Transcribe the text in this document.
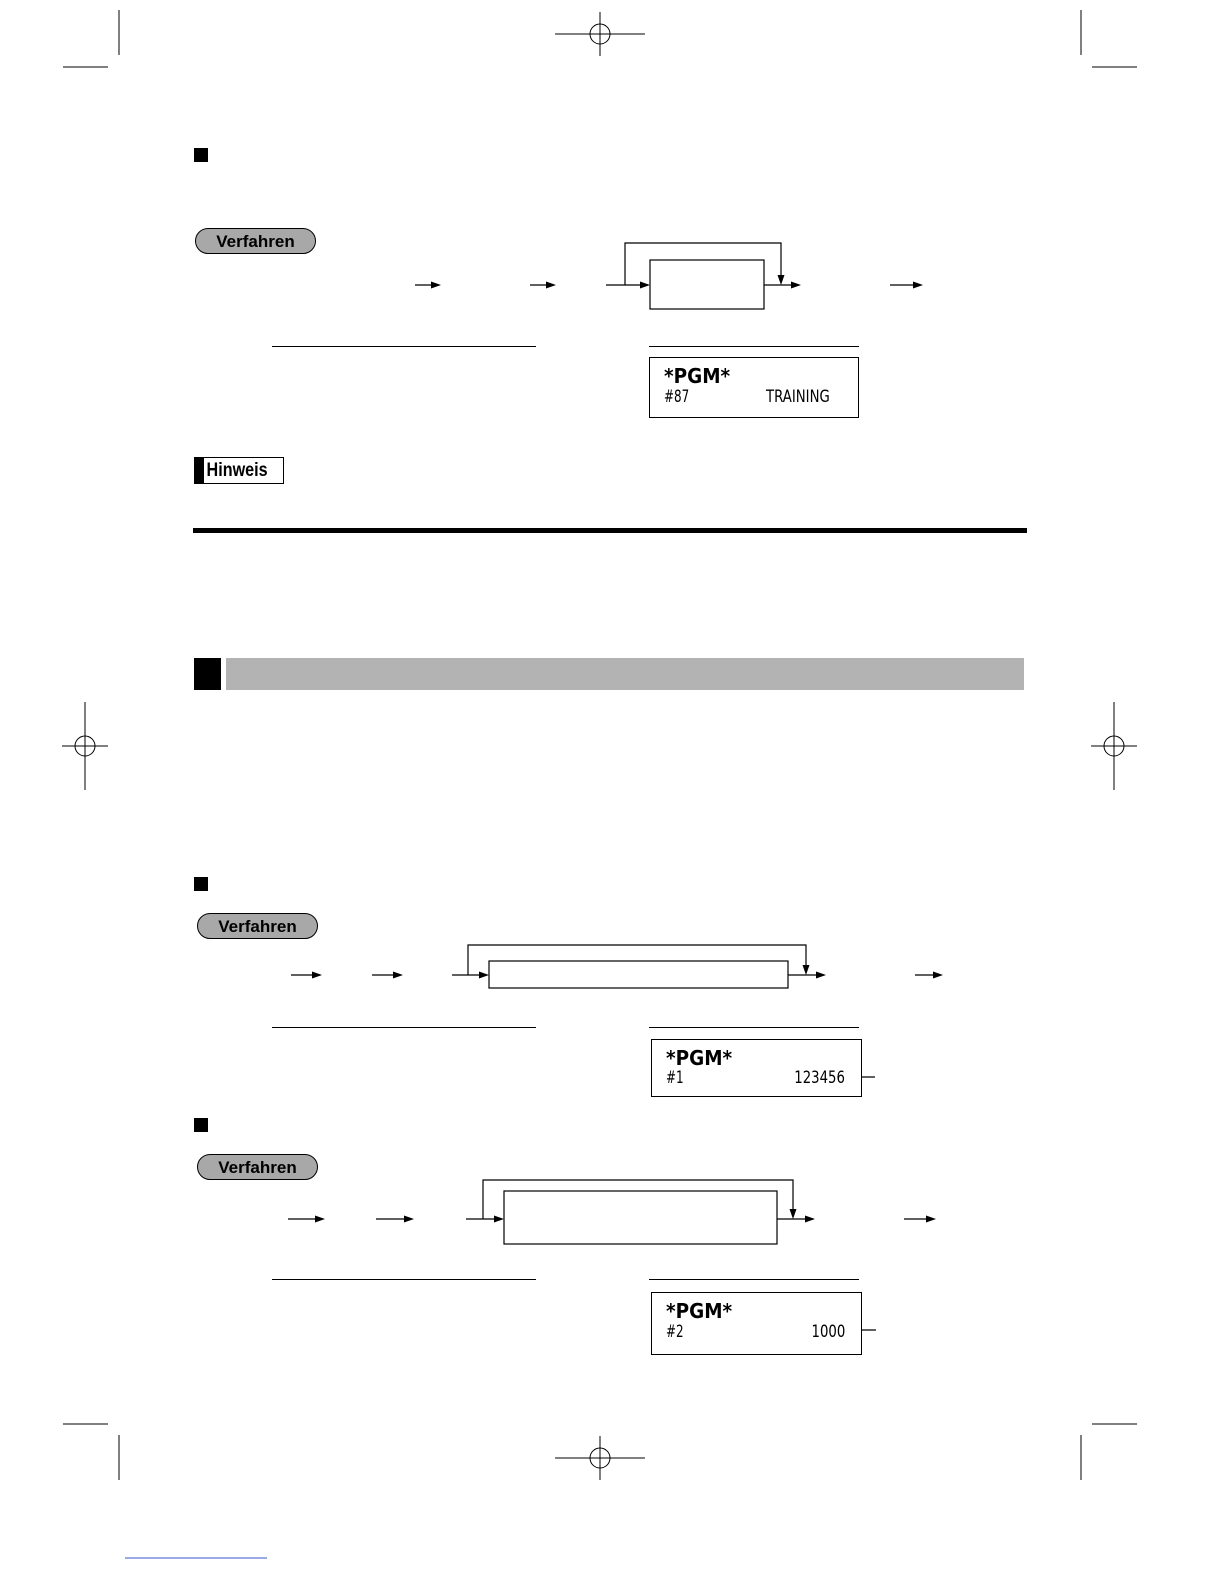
Verfahren
*PGM*
#87	TRAINING
Hinweis
Verfahren
*PGM*
#1	123456
Verfahren
*PGM*
#2	1000
